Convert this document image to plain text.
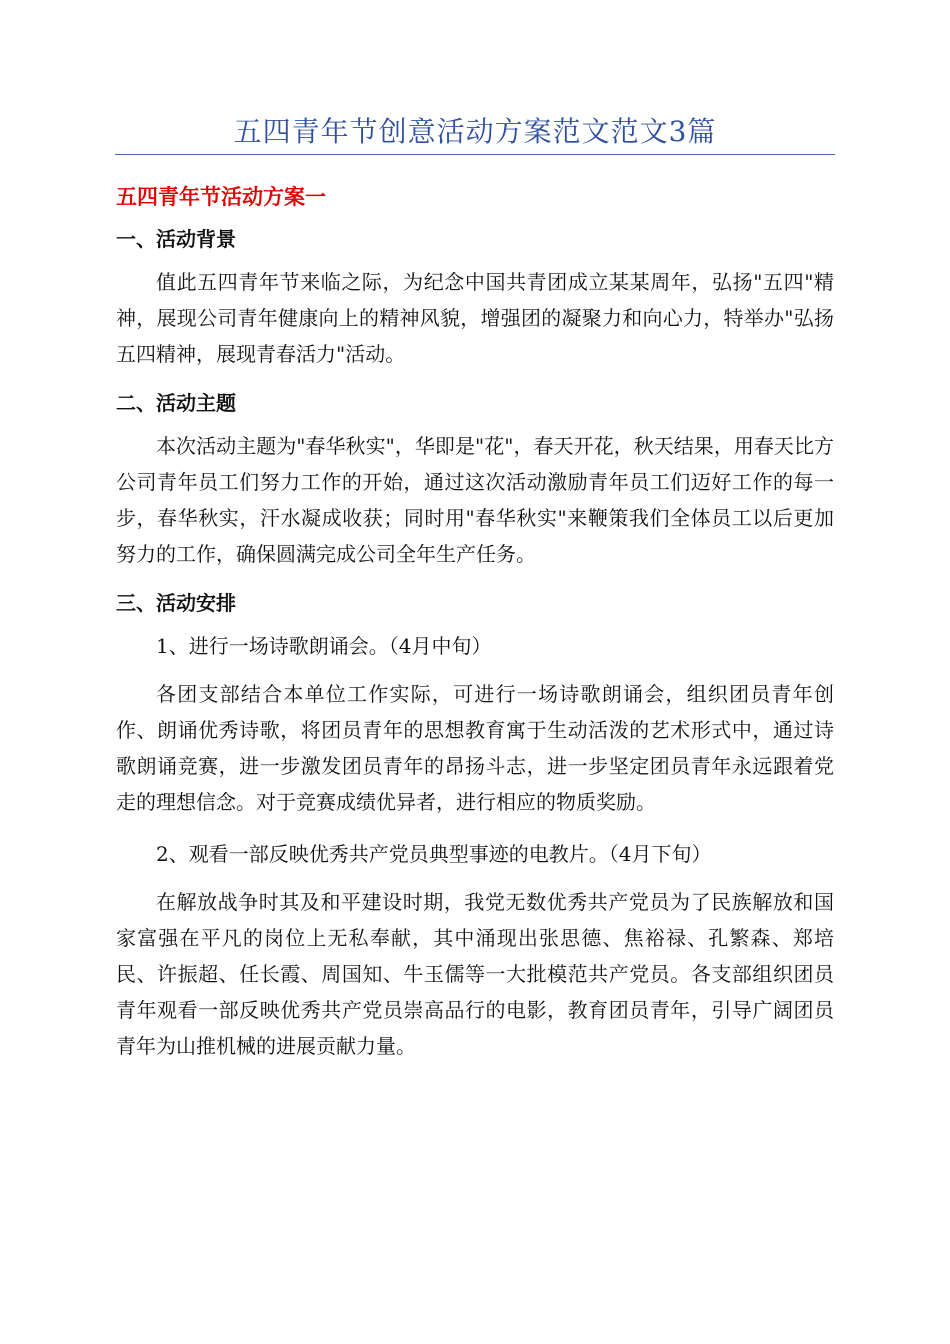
五四青年节创意活动方案范文范文3篇
五四青年节活动方案一
一、活动背景
值此五四青年节来临之际，为纪念中国共青团成立某某周年，弘扬"五四"精神，展现公司青年健康向上的精神风貌，增强团的凝聚力和向心力，特举办"弘扬五四精神，展现青春活力"活动。
二、活动主题
本次活动主题为"春华秋实"，华即是"花"，春天开花，秋天结果，用春天比方公司青年员工们努力工作的开始，通过这次活动激励青年员工们迈好工作的每一步，春华秋实，汗水凝成收获；同时用"春华秋实"来鞭策我们全体员工以后更加努力的工作，确保圆满完成公司全年生产任务。
三、活动安排
1、进行一场诗歌朗诵会。（4月中旬）
各团支部结合本单位工作实际，可进行一场诗歌朗诵会，组织团员青年创作、朗诵优秀诗歌，将团员青年的思想教育寓于生动活泼的艺术形式中，通过诗歌朗诵竞赛，进一步激发团员青年的昂扬斗志，进一步坚定团员青年永远跟着党走的理想信念。对于竞赛成绩优异者，进行相应的物质奖励。
2、观看一部反映优秀共产党员典型事迹的电教片。（4月下旬）
在解放战争时其及和平建设时期，我党无数优秀共产党员为了民族解放和国家富强在平凡的岗位上无私奉献，其中涌现出张思德、焦裕禄、孔繁森、郑培民、许振超、任长霞、周国知、牛玉儒等一大批模范共产党员。各支部组织团员青年观看一部反映优秀共产党员崇高品行的电影，教育团员青年，引导广阔团员青年为山推机械的进展贡献力量。
